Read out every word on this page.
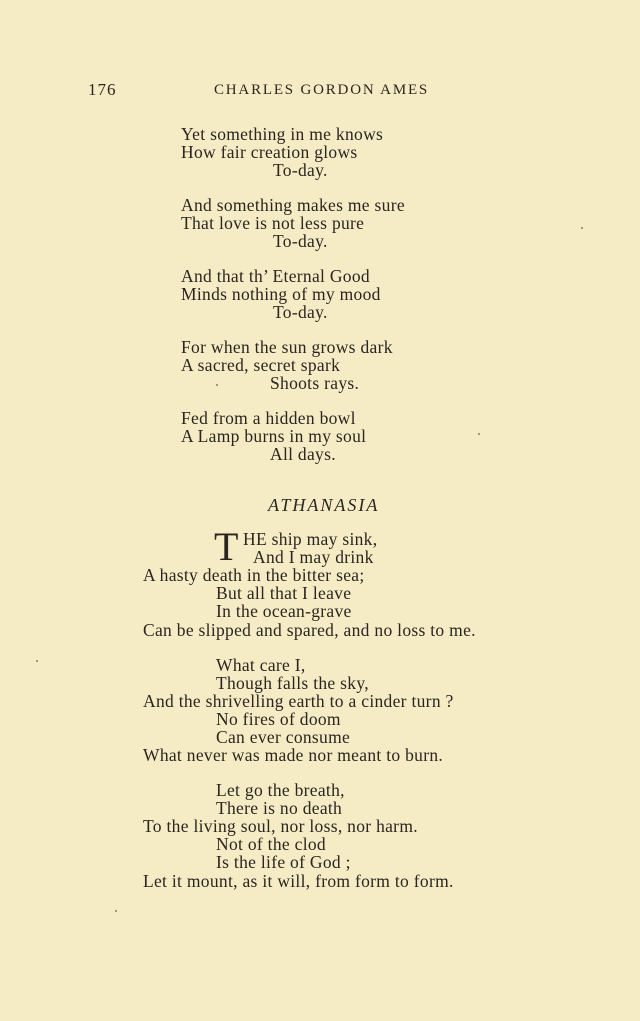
176	CHARLES GORDON AMES
Yet something in me knows
How fair creation glows
To-day.
And something makes me sure
That love is not less pure
To-day.
And that th’ Eternal Good
Minds nothing of my mood
To-day.
For when the sun grows dark
A sacred, secret spark
Shoots rays.
Fed from a hidden bowl
A Lamp burns in my soul
All days.
ATHANASIA
T HE ship may sink,
And I may drink
A hasty death in the bitter sea;
But all that I leave
In the ocean-grave
Can be slipped and spared, and no loss to me.
What care I,
Though falls the sky,
And the shrivelling earth to a cinder turn ?
No fires of doom
Can ever consume
What never was made nor meant to burn.
Let go the breath,
There is no death
To the living soul, nor loss, nor harm.
Not of the clod
Is the life of God ;
Let it mount, as it will, from form to form.
